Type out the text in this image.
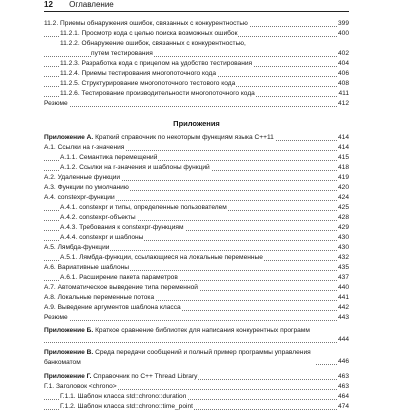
12 Оглавление
11.2. Приемы обнаружения ошибок, связанных с конкурентностью	399
11.2.1. Просмотр кода с целью поиска возможных ошибок	400
11.2.2. Обнаружение ошибок, связанных с конкурентностью,
путем тестирования	402
11.2.3. Разработка кода с прицелом на удобство тестирования	404
11.2.4. Приемы тестирования многопоточного кода	406
11.2.5. Структурирование многопоточного тестового кода	408
11.2.6. Тестирование производительности многопоточного кода	411
Резюме	412
Приложения
Приложение А. Краткий справочник по некоторым функциям языка C++11	414
А.1. Ссылки на r-значения	414
А.1.1. Семантика перемещений	415
А.1.2. Ссылки на r-значения и шаблоны функций	418
А.2. Удаленные функции	419
А.3. Функции по умолчанию	420
А.4. constexpr-функции	424
А.4.1. constexpr и типы, определенные пользователем	425
А.4.2. constexpr-объекты	428
А.4.3. Требования к constexpr-функциям	429
А.4.4. constexpr и шаблоны	430
А.5. Лямбда-функции	430
А.5.1. Лямбда-функции, ссылающиеся на локальные переменные	432
А.6. Вариативные шаблоны	435
А.6.1. Расширение пакета параметров	437
А.7. Автоматическое выведение типа переменной	440
А.8. Локальные переменные потока	441
А.9. Выведение аргументов шаблона класса	442
Резюме	443
Приложение Б. Краткое сравнение библиотек для написания конкурентных программ
444
Приложение В. Среда передачи сообщений и полный пример программы управления банкоматом	446
Приложение Г. Справочник по C++ Thread Library	463
Г.1. Заголовок <chrono>	463
Г.1.1. Шаблон класса std::chrono::duration	464
Г.1.2. Шаблон класса std::chrono::time_point	474
